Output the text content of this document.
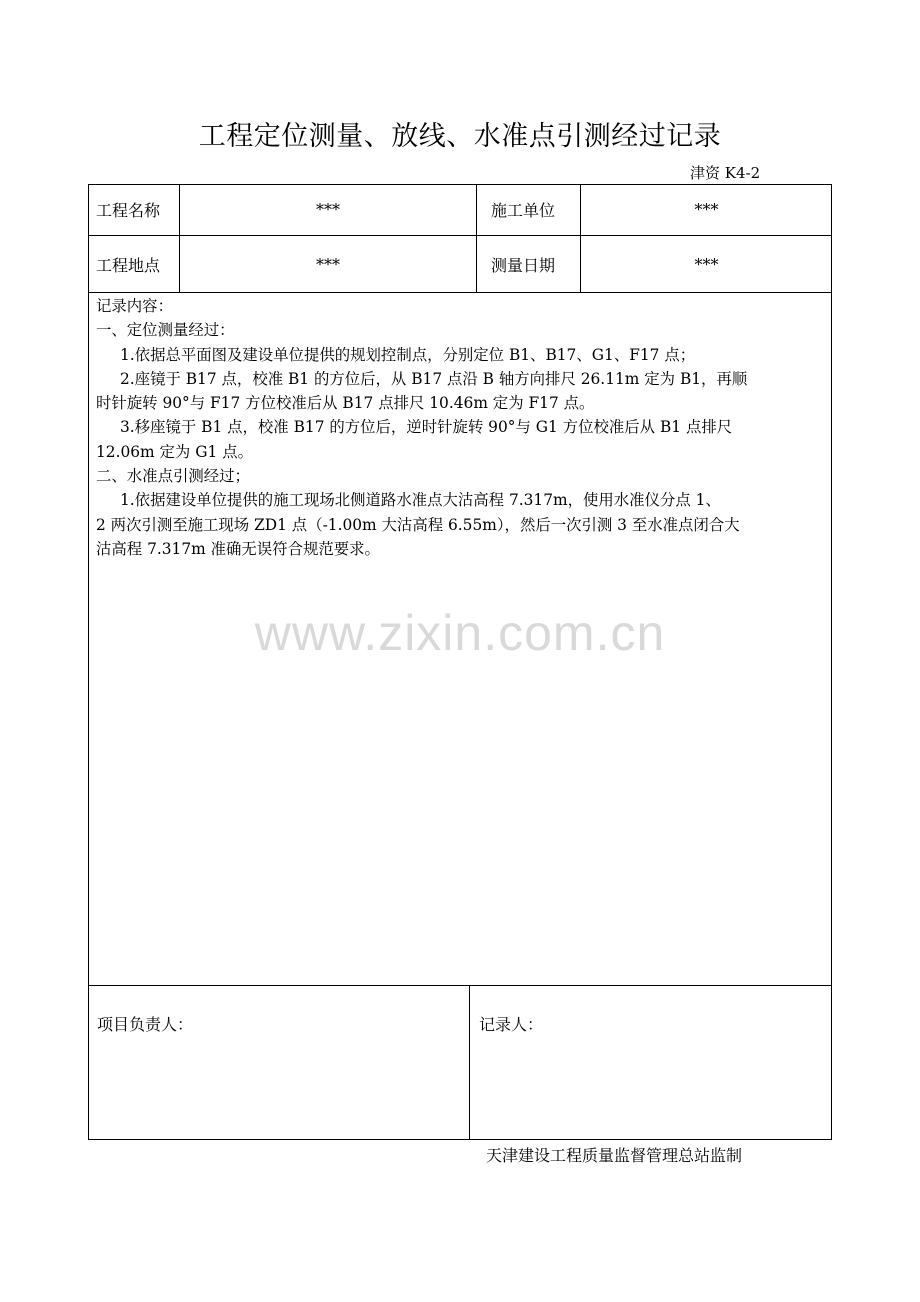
工程定位测量、放线、水准点引测经过记录
津资 K4-2
工程名称	***	施工单位	***
工程地点	***	测量日期	***

记录内容：

一、定位测量经过：

1.依据总平面图及建设单位提供的规划控制点，分别定位 B1、B17、G1、F17 点；

2.座镜于 B17 点，校准 B1 的方位后，从 B17 点沿 B 轴方向排尺 26.11m 定为 B1，再顺

时针旋转 90°与 F17 方位校准后从 B17 点排尺 10.46m 定为 F17 点。

3.移座镜于 B1 点，校准 B17 的方位后，逆时针旋转 90°与 G1 方位校准后从 B1 点排尺

12.06m 定为 G1 点。

二、水准点引测经过；

1.依据建设单位提供的施工现场北侧道路水准点大沽高程 7.317m，使用水准仪分点 1、

2 两次引测至施工现场 ZD1 点（-1.00m 大沽高程 6.55m），然后一次引测 3 至水准点闭合大

沽高程 7.317m 准确无误符合规范要求。

www.zixin.com.cn
项目负责人：	记录人：
天津建设工程质量监督管理总站监制
